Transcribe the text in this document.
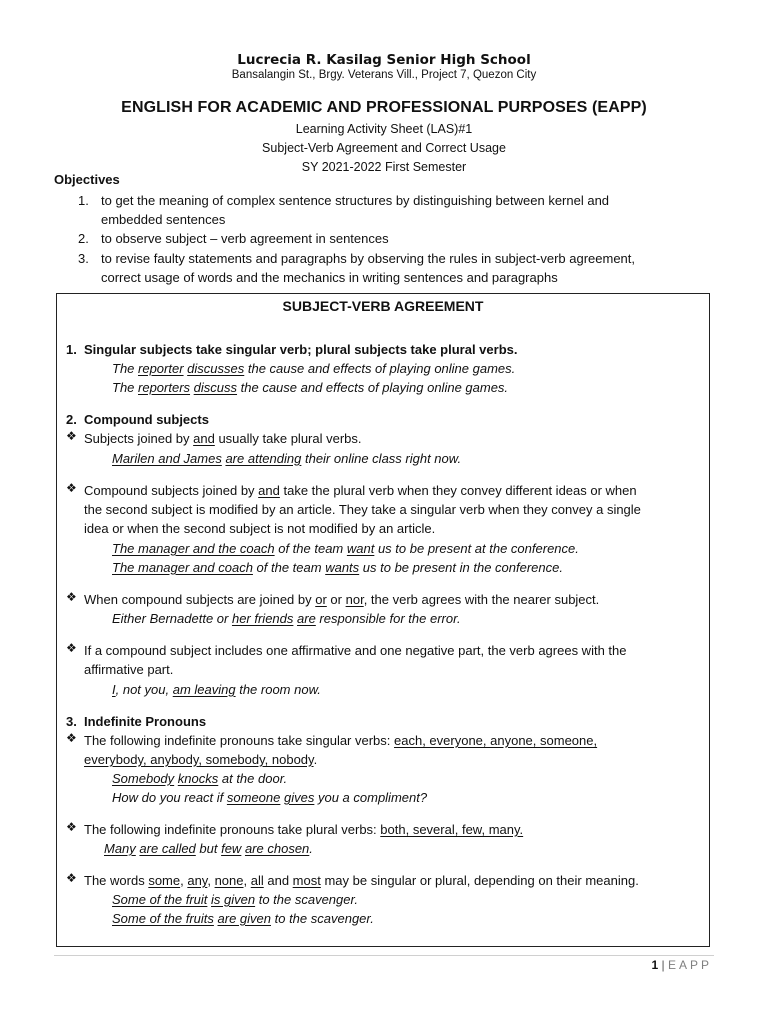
Lucrecia R. Kasilag Senior High School
Bansalangin St., Brgy. Veterans Vill., Project 7, Quezon City
ENGLISH FOR ACADEMIC AND PROFESSIONAL PURPOSES (EAPP)
Learning Activity Sheet (LAS)#1
Subject-Verb Agreement and Correct Usage
SY 2021-2022 First Semester
Objectives
1. to get the meaning of complex sentence structures by distinguishing between kernel and
embedded sentences
2. to observe subject – verb agreement in sentences
3. to revise faulty statements and paragraphs by observing the rules in subject-verb agreement,
correct usage of words and the mechanics in writing sentences and paragraphs
SUBJECT-VERB AGREEMENT
1. Singular subjects take singular verb; plural subjects take plural verbs.
The reporter discusses the cause and effects of playing online games.
The reporters discuss the cause and effects of playing online games.
2. Compound subjects
❖ Subjects joined by and usually take plural verbs.
Marilen and James are attending their online class right now.
❖ Compound subjects joined by and take the plural verb when they convey different ideas or when
the second subject is modified by an article. They take a singular verb when they convey a single
idea or when the second subject is not modified by an article.
The manager and the coach of the team want us to be present at the conference.
The manager and coach of the team wants us to be present in the conference.
❖ When compound subjects are joined by or or nor, the verb agrees with the nearer subject.
Either Bernadette or her friends are responsible for the error.
❖ If a compound subject includes one affirmative and one negative part, the verb agrees with the
affirmative part.
I, not you, am leaving the room now.
3. Indefinite Pronouns
❖ The following indefinite pronouns take singular verbs: each, everyone, anyone, someone,
everybody, anybody, somebody, nobody.
Somebody knocks at the door.
How do you react if someone gives you a compliment?
❖ The following indefinite pronouns take plural verbs: both, several, few, many.
Many are called but few are chosen.
❖ The words some, any, none, all and most may be singular or plural, depending on their meaning.
Some of the fruit is given to the scavenger.
Some of the fruits are given to the scavenger.
1 | EAPP
